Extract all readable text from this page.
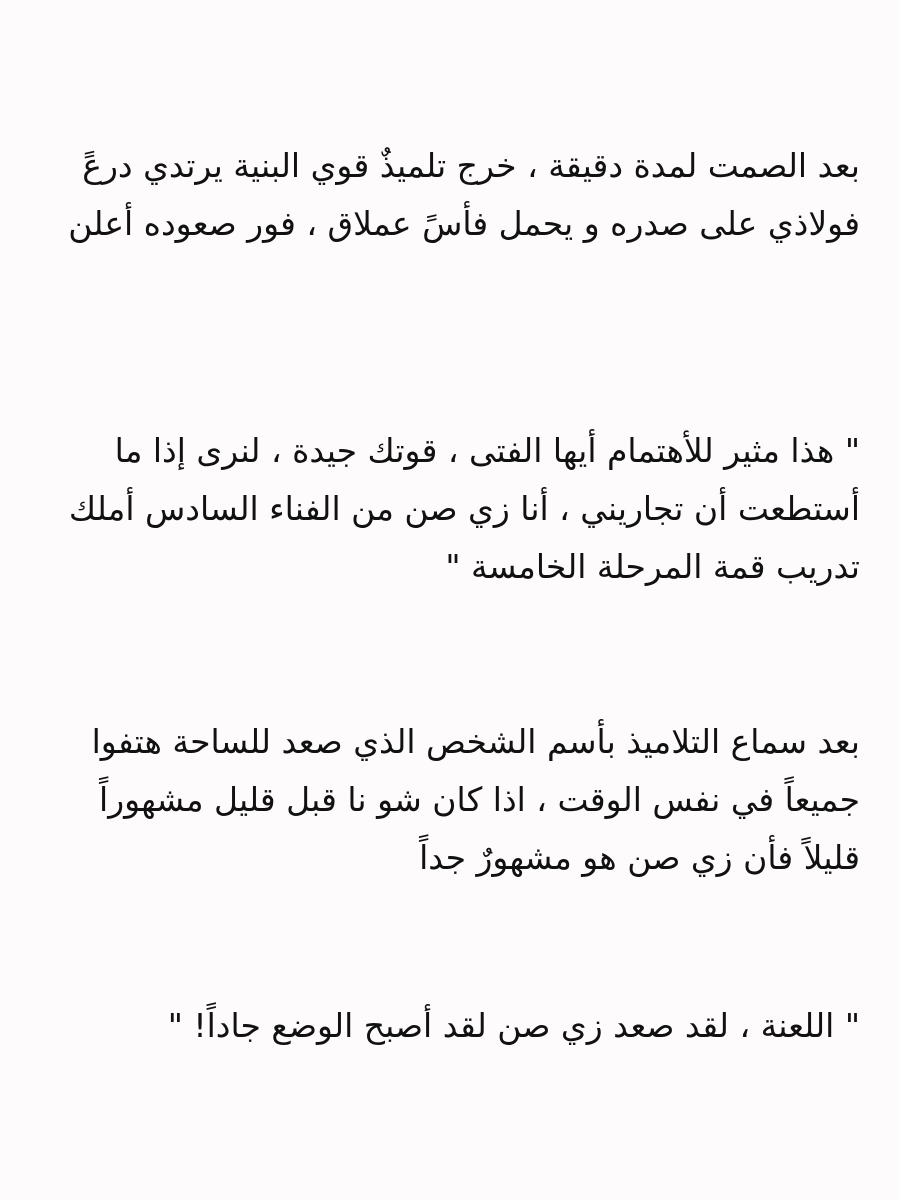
بعد الصمت لمدة دقيقة ، خرج تلميذٌ قوي البنية يرتدي درعً فولاذي على صدره و يحمل فأسً عملاق ، فور صعوده أعلن

" هذا مثير للأهتمام أيها الفتى ، قوتك جيدة ، لنرى إذا ما أستطعت أن تجاريني ، أنا زي صن من الفناء السادس أملك تدريب قمة المرحلة الخامسة "

بعد سماع التلاميذ بأسم الشخص الذي صعد للساحة هتفوا جميعاً في نفس الوقت ، اذا كان شو نا قبل قليل مشهوراً قليلاً فأن زي صن هو مشهورٌ جداً

" اللعنة ، لقد صعد زي صن لقد أصبح الوضع جاداً! "
